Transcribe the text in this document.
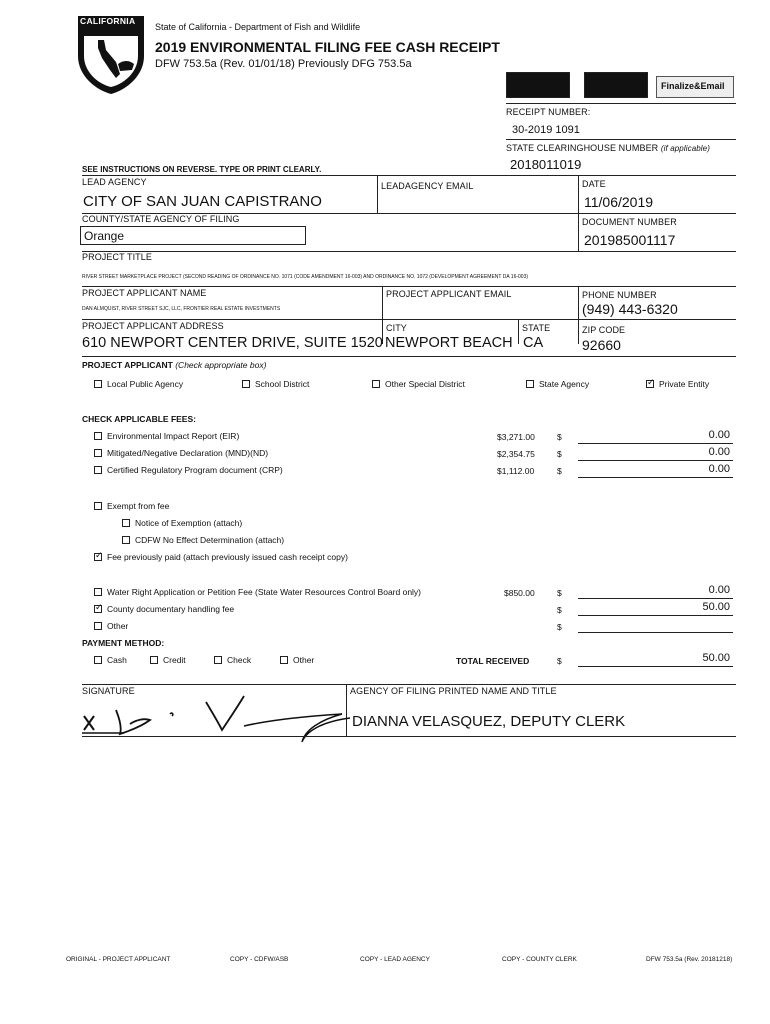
CALIFORNIA
State of California - Department of Fish and Wildlife
2019 ENVIRONMENTAL FILING FEE CASH RECEIPT
DFW 753.5a (Rev. 01/01/18) Previously DFG 753.5a
Finalize&Email
RECEIPT NUMBER:
30-2019 1091
STATE CLEARINGHOUSE NUMBER (if applicable)
2018011019
SEE INSTRUCTIONS ON REVERSE. TYPE OR PRINT CLEARLY.
LEAD AGENCY
CITY OF SAN JUAN CAPISTRANO
LEADAGENCY EMAIL	DATE
11/06/2019
COUNTY/STATE AGENCY OF FILING
Orange
DOCUMENT NUMBER
201985001117
PROJECT TITLE
RIVER STREET MARKETPLACE PROJECT (SECOND READING OF ORDINANCE NO. 1071 (CODE AMENDMENT 16-003) AND ORDINANCE NO. 1072 (DEVELOPMENT AGREEMENT DA 16-003)
PROJECT APPLICANT NAME
DAN ALMQUIST, RIVER STREET SJC, LLC, FRONTIER REAL ESTATE INVESTMENTS
PROJECT APPLICANT EMAIL	PHONE NUMBER
(949) 443-6320
PROJECT APPLICANT ADDRESS
610 NEWPORT CENTER DRIVE, SUITE 1520
CITY
NEWPORT BEACH
STATE
CA
ZIP CODE
92660
PROJECT APPLICANT (Check appropriate box)
Local Public Agency	School District	Other Special District	State Agency
✓	Private Entity
CHECK APPLICABLE FEES:
Environmental Impact Report (EIR)	$3,271.00	$	0.00
Mitigated/Negative Declaration (MND)(ND)	$2,354.75	$	0.00
Certified Regulatory Program document (CRP)	$1,112.00	$	0.00
Exempt from fee
Notice of Exemption (attach)
CDFW No Effect Determination (attach)
✓Fee previously paid (attach previously issued cash receipt copy)
Water Right Application or Petition Fee (State Water Resources Control Board only)	$850.00	$	0.00
✓County documentary handling fee	$	50.00
Other	$
PAYMENT METHOD:
Cash	Credit	Check	Other	TOTAL RECEIVED	$	50.00
SIGNATURE	AGENCY OF FILING PRINTED NAME AND TITLE
DIANNA VELASQUEZ, DEPUTY CLERK
ORIGINAL - PROJECT APPLICANT	COPY - CDFW/ASB	COPY - LEAD AGENCY	COPY - COUNTY CLERK	DFW 753.5a (Rev. 20181218)
